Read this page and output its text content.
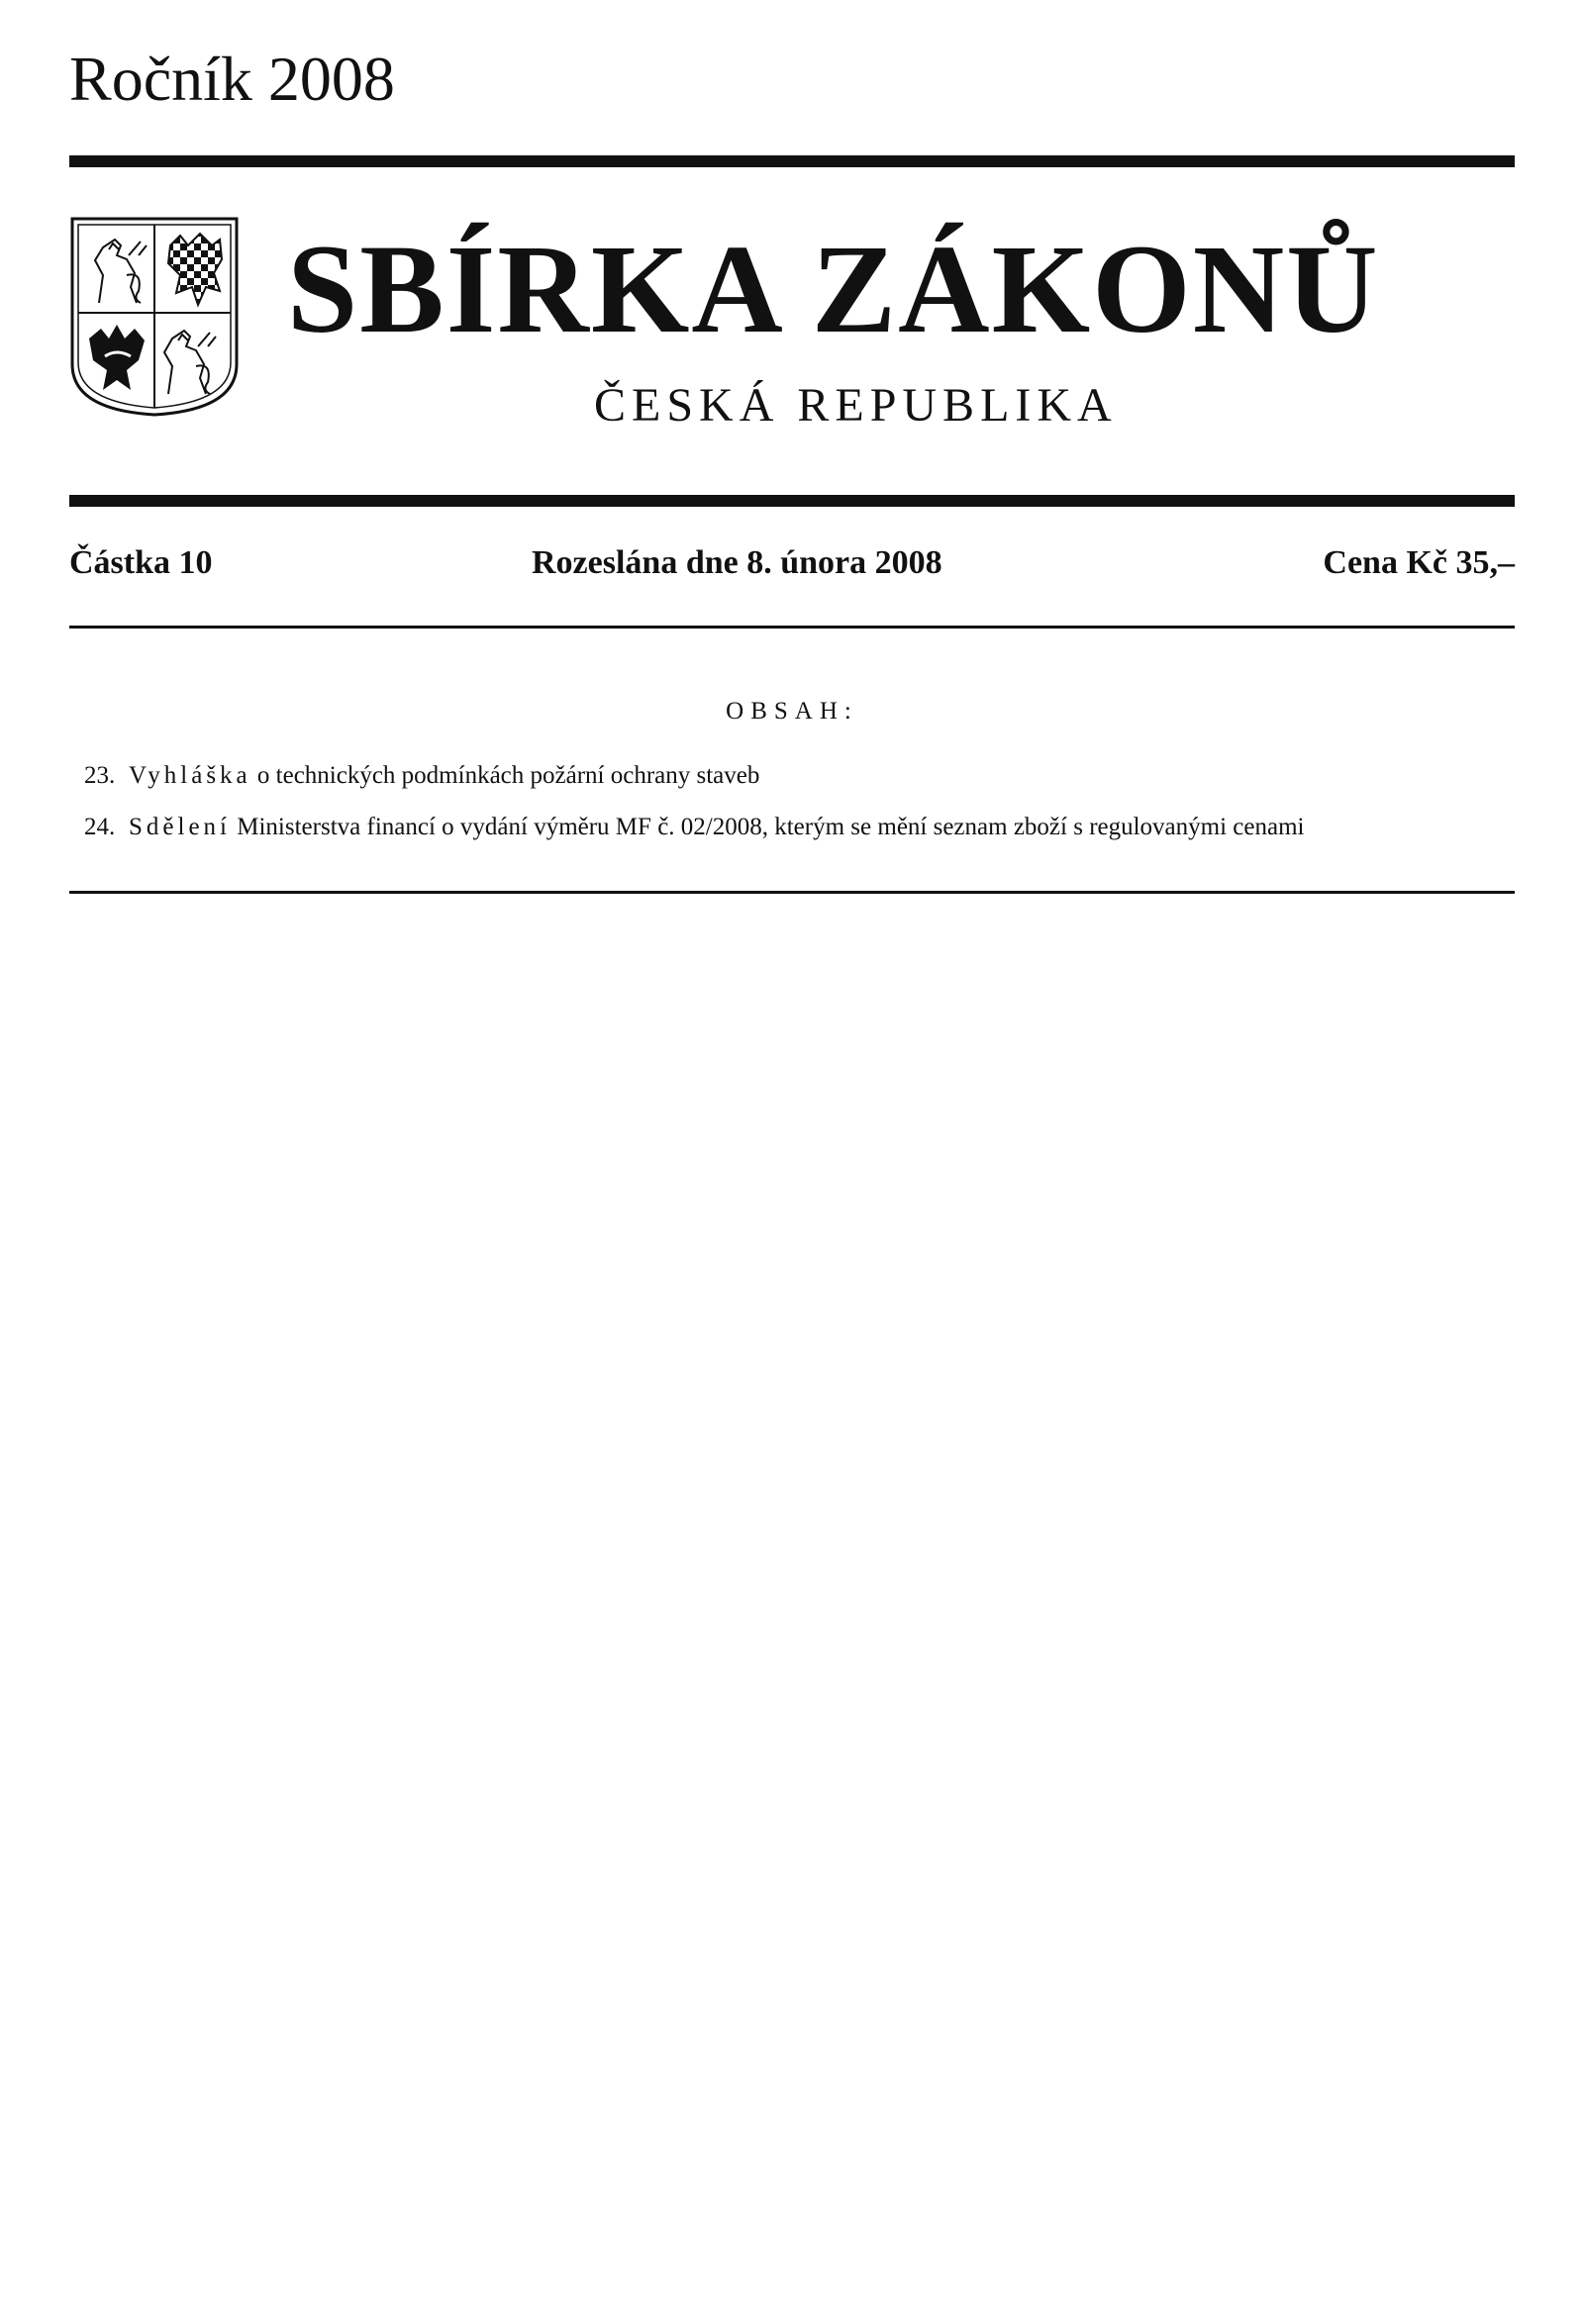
Ročník 2008
SBÍRKA ZÁKONŮ
ČESKÁ REPUBLIKA
Částka 10	Rozeslána dne 8. února 2008	Cena Kč 35,–
OBSAH:
23. Vyhláška o technických podmínkách požární ochrany staveb
24. Sdělení Ministerstva financí o vydání výměru MF č. 02/2008, kterým se mění seznam zboží s regulovanými cenami
